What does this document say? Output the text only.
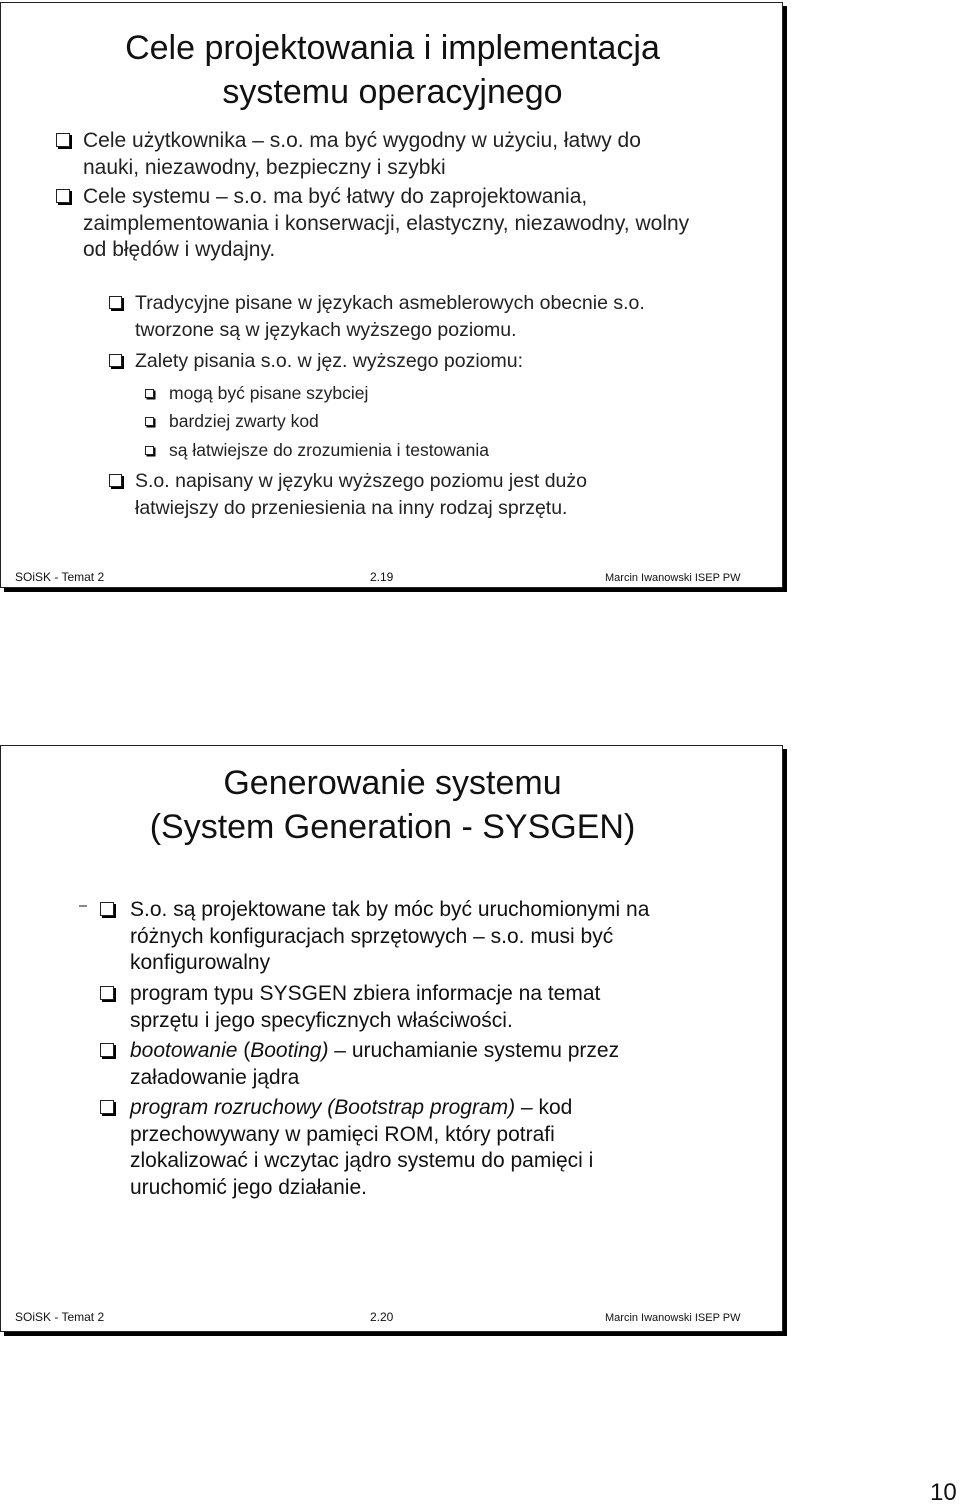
Cele projektowania i implementacja
systemu operacyjnego
Cele użytkownika – s.o. ma być wygodny w użyciu, łatwy do
nauki, niezawodny, bezpieczny i szybki
Cele systemu – s.o. ma być łatwy do zaprojektowania,
zaimplementowania i konserwacji, elastyczny, niezawodny, wolny
od błędów i wydajny.
Tradycyjne pisane w językach asmeblerowych obecnie s.o.
tworzone są w językach wyższego poziomu.
Zalety pisania s.o. w jęz. wyższego poziomu:
mogą być pisane szybciej
bardziej zwarty kod
są łatwiejsze do zrozumienia i testowania
S.o. napisany w języku wyższego poziomu jest dużo
łatwiejszy do przeniesienia na inny rodzaj sprzętu.
SOiSK - Temat 2	2.19	Marcin Iwanowski ISEP PW
Generowanie systemu
(System Generation - SYSGEN)
S.o. są projektowane tak by móc być uruchomionymi na
różnych konfiguracjach sprzętowych – s.o. musi być
konfigurowalny
program typu SYSGEN zbiera informacje na temat
sprzętu i jego specyficznych właściwości.
bootowanie (Booting) – uruchamianie systemu przez
załadowanie jądra
program rozruchowy (Bootstrap program) – kod
przechowywany w pamięci ROM, który potrafi
zlokalizować i wczytac jądro systemu do pamięci i
uruchomić jego działanie.
SOiSK - Temat 2	2.20	Marcin Iwanowski ISEP PW
10
